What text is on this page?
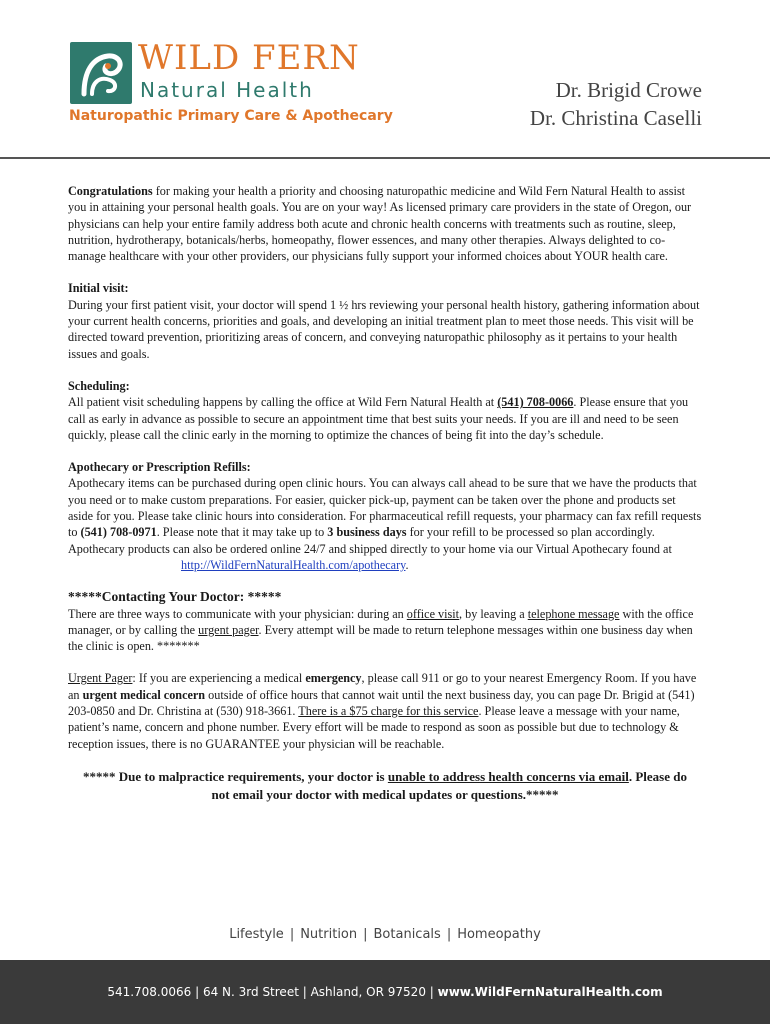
WILD FERN
Natural Health
Naturopathic Primary Care & Apothecary
Dr. Brigid Crowe
Dr. Christina Caselli

Congratulations for making your health a priority and choosing naturopathic medicine and Wild Fern Natural Health to assist you in attaining your personal health goals. You are on your way! As licensed primary care providers in the state of Oregon, our physicians can help your entire family address both acute and chronic health concerns with treatments such as routine, sleep, nutrition, hydrotherapy, botanicals/herbs, homeopathy, flower essences, and many other therapies. Always delighted to co-manage healthcare with your other providers, our physicians fully support your informed choices about YOUR health care.

Initial visit:
During your first patient visit, your doctor will spend 1 ½ hrs reviewing your personal health history, gathering information about your current health concerns, priorities and goals, and developing an initial treatment plan to meet those needs. This visit will be directed toward prevention, prioritizing areas of concern, and conveying naturopathic philosophy as it pertains to your health issues and goals.

Scheduling:
All patient visit scheduling happens by calling the office at Wild Fern Natural Health at (541) 708-0066. Please ensure that you call as early in advance as possible to secure an appointment time that best suits your needs. If you are ill and need to be seen quickly, please call the clinic early in the morning to optimize the chances of being fit into the day’s schedule.

Apothecary or Prescription Refills:
Apothecary items can be purchased during open clinic hours. You can always call ahead to be sure that we have the products that you need or to make custom preparations. For easier, quicker pick-up, payment can be taken over the phone and products set aside for you. Please take clinic hours into consideration. For pharmaceutical refill requests, your pharmacy can fax refill requests to (541) 708-0971. Please note that it may take up to 3 business days for your refill to be processed so plan accordingly. Apothecary products can also be ordered online 24/7 and shipped directly to your home via our Virtual Apothecary found at
http://WildFernNaturalHealth.com/apothecary.

*****Contacting Your Doctor: *****
There are three ways to communicate with your physician: during an office visit, by leaving a telephone message with the office manager, or by calling the urgent pager. Every attempt will be made to return telephone messages within one business day when the clinic is open. *******

Urgent Pager: If you are experiencing a medical emergency, please call 911 or go to your nearest Emergency Room. If you have an urgent medical concern outside of office hours that cannot wait until the next business day, you can page Dr. Brigid at (541) 203-0850 and Dr. Christina at (530) 918-3661. There is a $75 charge for this service. Please leave a message with your name, patient’s name, concern and phone number. Every effort will be made to respond as soon as possible but due to technology & reception issues, there is no GUARANTEE your physician will be reachable.

***** Due to malpractice requirements, your doctor is unable to address health concerns via email. Please do not email your doctor with medical updates or questions.*****
Lifestyle | Nutrition | Botanicals | Homeopathy
541.708.0066 | 64 N. 3rd Street | Ashland, OR 97520 | www.WildFernNaturalHealth.com
